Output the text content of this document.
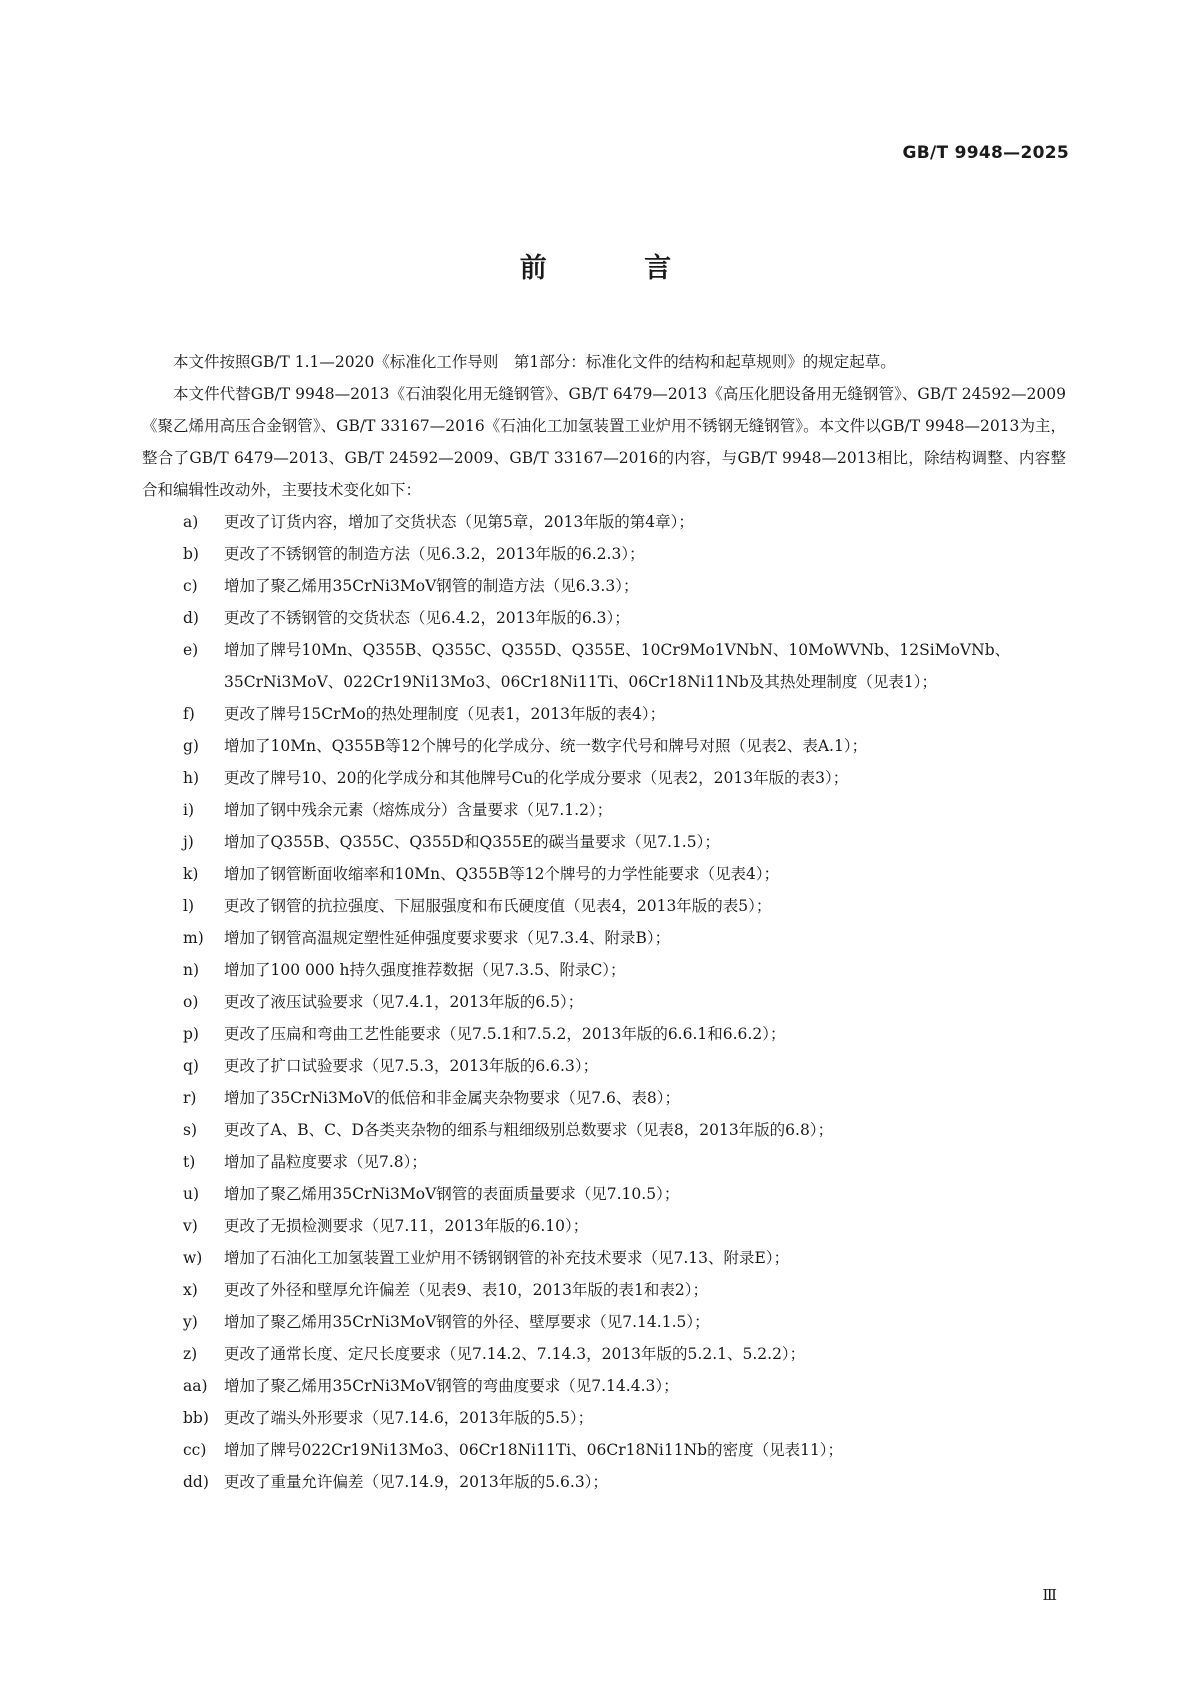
GB/T 9948—2025
前 言

本文件按照GB/T 1.1—2020《标准化工作导则　第1部分：标准化文件的结构和起草规则》的规定起草。

本文件代替GB/T 9948—2013《石油裂化用无缝钢管》、GB/T 6479—2013《高压化肥设备用无缝钢管》、GB/T 24592—2009《聚乙烯用高压合金钢管》、GB/T 33167—2016《石油化工加氢装置工业炉用不锈钢无缝钢管》。本文件以GB/T 9948—2013为主，整合了GB/T 6479—2013、GB/T 24592—2009、GB/T 33167—2016的内容，与GB/T 9948—2013相比，除结构调整、内容整合和编辑性改动外，主要技术变化如下：

a)	更改了订货内容，增加了交货状态（见第5章，2013年版的第4章）；
b)	更改了不锈钢管的制造方法（见6.3.2，2013年版的6.2.3）；
c)	增加了聚乙烯用35CrNi3MoV钢管的制造方法（见6.3.3）；
d)	更改了不锈钢管的交货状态（见6.4.2，2013年版的6.3）；
e)	增加了牌号10Mn、Q355B、Q355C、Q355D、Q355E、10Cr9Mo1VNbN、10MoWVNb、12SiMoVNb、35CrNi3MoV、022Cr19Ni13Mo3、06Cr18Ni11Ti、06Cr18Ni11Nb及其热处理制度（见表1）；
f)	更改了牌号15CrMo的热处理制度（见表1，2013年版的表4）；
g)	增加了10Mn、Q355B等12个牌号的化学成分、统一数字代号和牌号对照（见表2、表A.1）；
h)	更改了牌号10、20的化学成分和其他牌号Cu的化学成分要求（见表2，2013年版的表3）；
i)	增加了钢中残余元素（熔炼成分）含量要求（见7.1.2）；
j)	增加了Q355B、Q355C、Q355D和Q355E的碳当量要求（见7.1.5）；
k)	增加了钢管断面收缩率和10Mn、Q355B等12个牌号的力学性能要求（见表4）；
l)	更改了钢管的抗拉强度、下屈服强度和布氏硬度值（见表4，2013年版的表5）；
m)	增加了钢管高温规定塑性延伸强度要求要求（见7.3.4、附录B）；
n)	增加了100 000 h持久强度推荐数据（见7.3.5、附录C）；
o)	更改了液压试验要求（见7.4.1，2013年版的6.5）；
p)	更改了压扁和弯曲工艺性能要求（见7.5.1和7.5.2，2013年版的6.6.1和6.6.2）；
q)	更改了扩口试验要求（见7.5.3，2013年版的6.6.3）；
r)	增加了35CrNi3MoV的低倍和非金属夹杂物要求（见7.6、表8）；
s)	更改了A、B、C、D各类夹杂物的细系与粗细级别总数要求（见表8，2013年版的6.8）；
t)	增加了晶粒度要求（见7.8）；
u)	增加了聚乙烯用35CrNi3MoV钢管的表面质量要求（见7.10.5）；
v)	更改了无损检测要求（见7.11，2013年版的6.10）；
w)	增加了石油化工加氢装置工业炉用不锈钢钢管的补充技术要求（见7.13、附录E）；
x)	更改了外径和壁厚允许偏差（见表9、表10，2013年版的表1和表2）；
y)	增加了聚乙烯用35CrNi3MoV钢管的外径、壁厚要求（见7.14.1.5）；
z)	更改了通常长度、定尺长度要求（见7.14.2、7.14.3，2013年版的5.2.1、5.2.2）；
aa)	增加了聚乙烯用35CrNi3MoV钢管的弯曲度要求（见7.14.4.3）；
bb) 更改了端头外形要求（见7.14.6，2013年版的5.5）；
cc)	增加了牌号022Cr19Ni13Mo3、06Cr18Ni11Ti、06Cr18Ni11Nb的密度（见表11）；
dd) 更改了重量允许偏差（见7.14.9，2013年版的5.6.3）；
Ⅲ
